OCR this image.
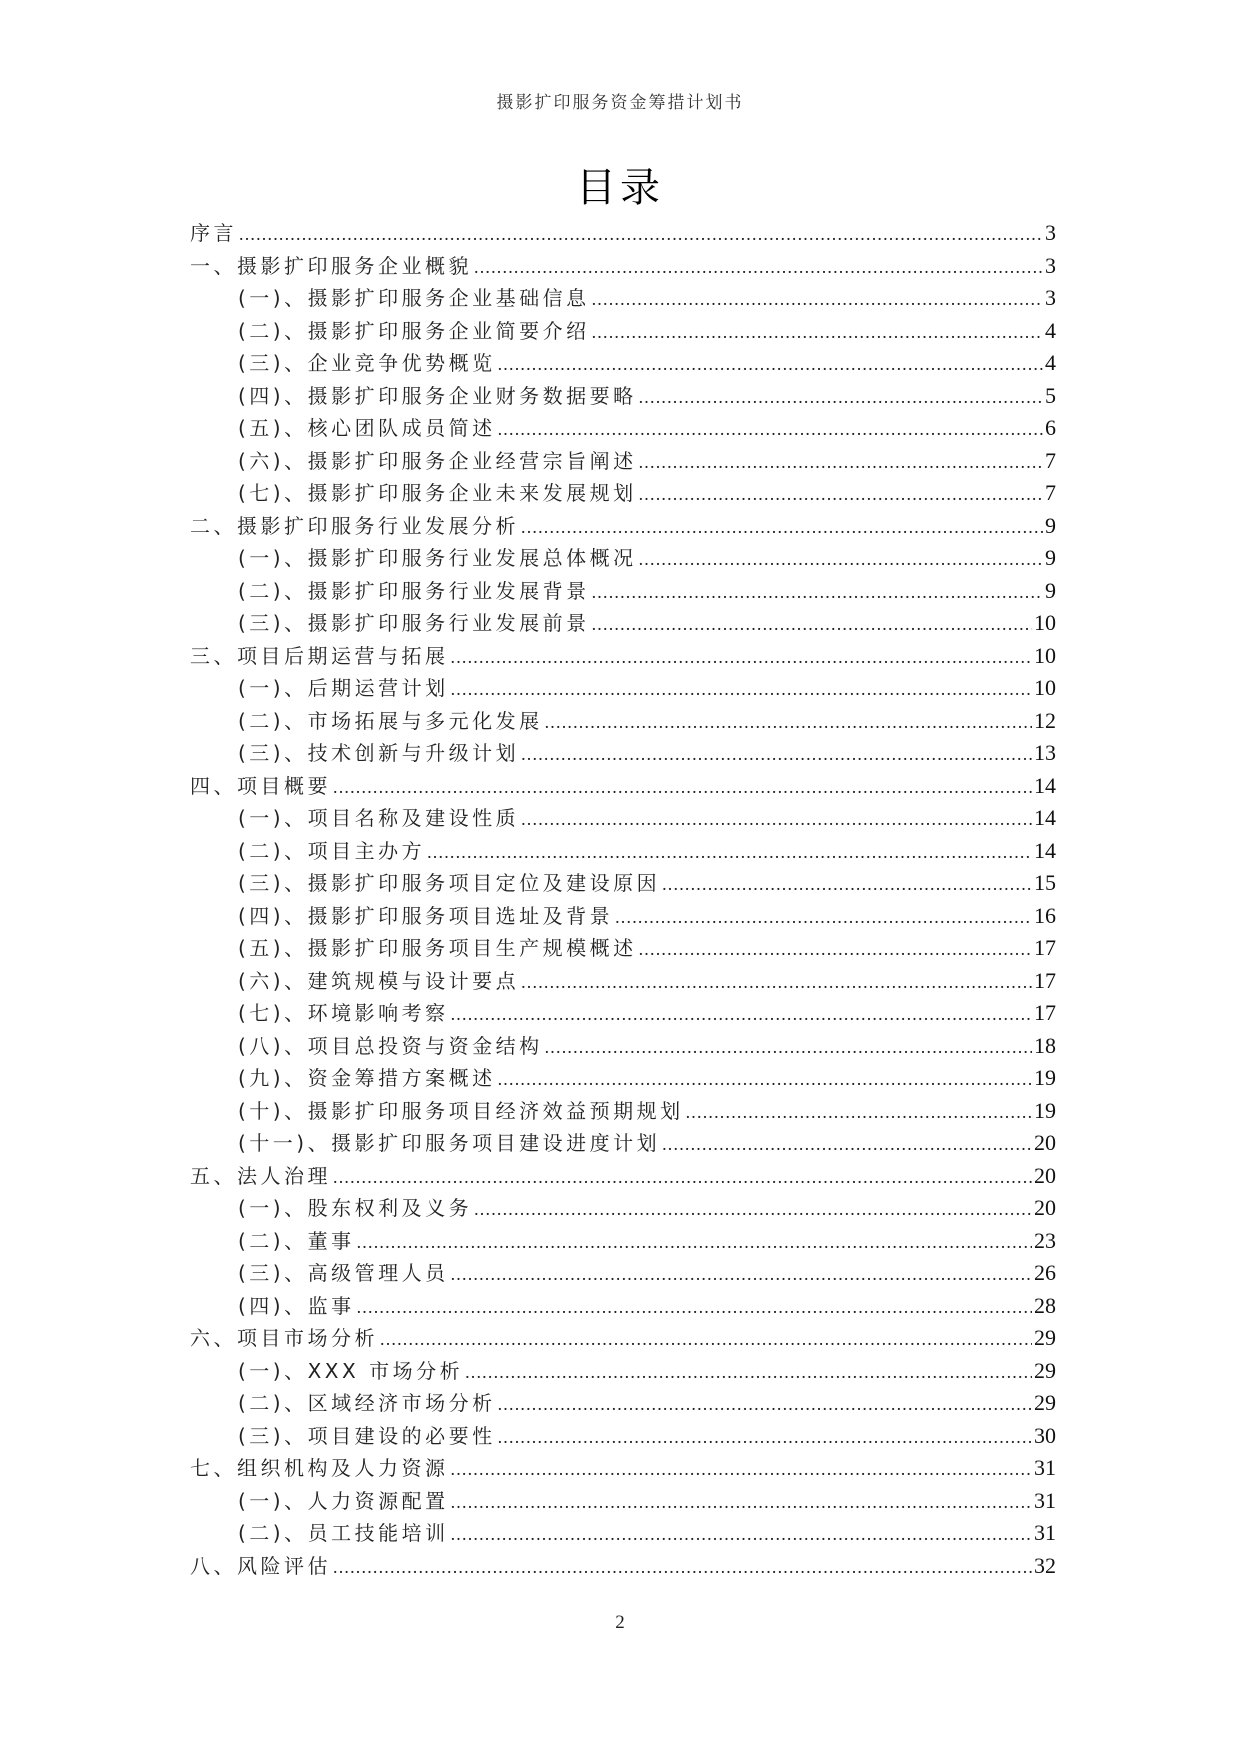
摄影扩印服务资金筹措计划书
目录
序言 .....	3
一、摄影扩印服务企业概貌 .....	3
(一)、摄影扩印服务企业基础信息 .....	3
(二)、摄影扩印服务企业简要介绍 .....	4
(三)、企业竞争优势概览 .....	4
(四)、摄影扩印服务企业财务数据要略 .....	5
(五)、核心团队成员简述 .....	6
(六)、摄影扩印服务企业经营宗旨阐述 .....	7
(七)、摄影扩印服务企业未来发展规划 .....	7
二、摄影扩印服务行业发展分析 .....	9
(一)、摄影扩印服务行业发展总体概况 .....	9
(二)、摄影扩印服务行业发展背景 .....	9
(三)、摄影扩印服务行业发展前景 .....	10
三、项目后期运营与拓展 .....	10
(一)、后期运营计划 .....	10
(二)、市场拓展与多元化发展 .....	12
(三)、技术创新与升级计划 .....	13
四、项目概要 .....	14
(一)、项目名称及建设性质 .....	14
(二)、项目主办方 .....	14
(三)、摄影扩印服务项目定位及建设原因 .....	15
(四)、摄影扩印服务项目选址及背景 .....	16
(五)、摄影扩印服务项目生产规模概述 .....	17
(六)、建筑规模与设计要点 .....	17
(七)、环境影响考察 .....	17
(八)、项目总投资与资金结构 .....	18
(九)、资金筹措方案概述 .....	19
(十)、摄影扩印服务项目经济效益预期规划 .....	19
(十一)、摄影扩印服务项目建设进度计划 .....	20
五、法人治理 .....	20
(一)、股东权利及义务 .....	20
(二)、董事 .....	23
(三)、高级管理人员 .....	26
(四)、监事 .....	28
六、项目市场分析 .....	29
(一)、XXX 市场分析 .....	29
(二)、区域经济市场分析 .....	29
(三)、项目建设的必要性 .....	30
七、组织机构及人力资源 .....	31
(一)、人力资源配置 .....	31
(二)、员工技能培训 .....	31
八、风险评估 .....	32
2
